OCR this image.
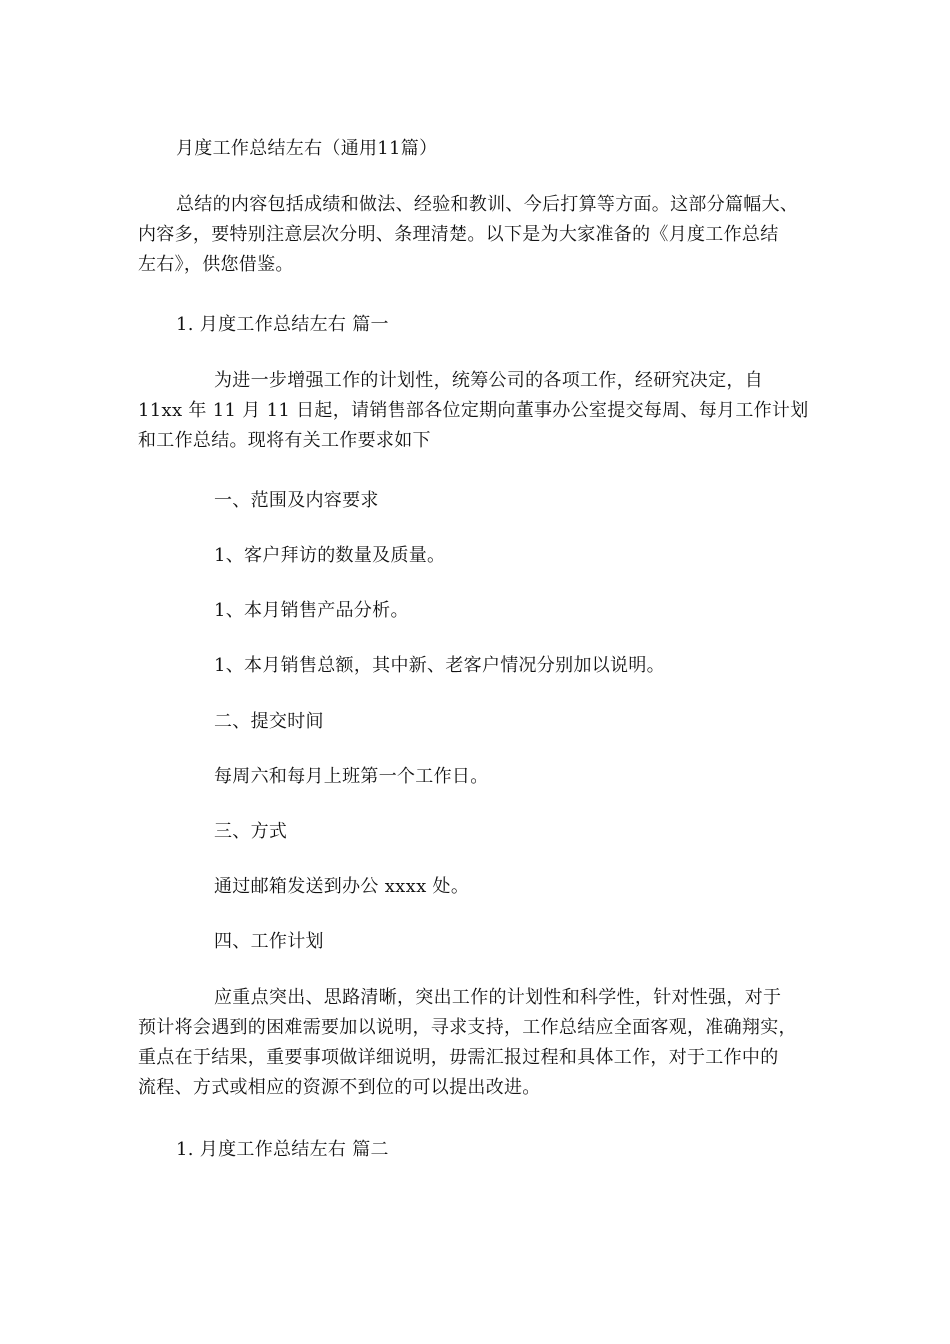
月度工作总结左右（通用11篇）
总结的内容包括成绩和做法、经验和教训、今后打算等方面。这部分篇幅大、
内容多，要特别注意层次分明、条理清楚。以下是为大家准备的《月度工作总结
左右》，供您借鉴。
1. 月度工作总结左右 篇一
为进一步增强工作的计划性，统筹公司的各项工作，经研究决定，自
11xx 年 11 月 11 日起，请销售部各位定期向董事办公室提交每周、每月工作计划
和工作总结。现将有关工作要求如下
一、范围及内容要求
1、客户拜访的数量及质量。
1、本月销售产品分析。
1、本月销售总额，其中新、老客户情况分别加以说明。
二、提交时间
每周六和每月上班第一个工作日。
三、方式
通过邮箱发送到办公 xxxx 处。
四、工作计划
应重点突出、思路清晰，突出工作的计划性和科学性，针对性强，对于
预计将会遇到的困难需要加以说明，寻求支持，工作总结应全面客观，准确翔实，
重点在于结果，重要事项做详细说明，毋需汇报过程和具体工作，对于工作中的
流程、方式或相应的资源不到位的可以提出改进。
1. 月度工作总结左右 篇二
